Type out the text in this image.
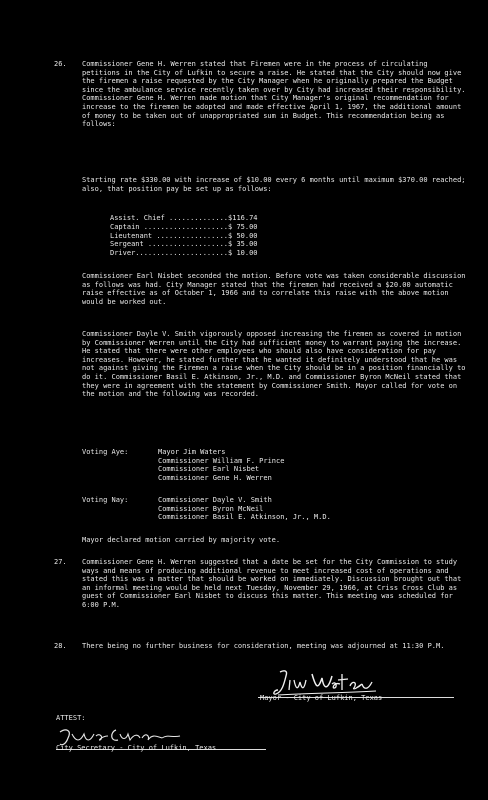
26.	Commissioner Gene H. Werren stated that Firemen were in the process of circulating petitions in the City of Lufkin to secure a raise. He stated that the City should now give the firemen a raise requested by the City Manager when he originally prepared the Budget since the ambulance service recently taken over by City had increased their responsibility. Commissioner Gene H. Werren made motion that City Manager's original recommendation for increase to the firemen be adopted and made effective April 1, 1967, the additional amount of money to be taken out of unappropriated sum in Budget. This recommendation being as follows:
Starting rate $330.00 with increase of $10.00 every 6 months until maximum $370.00 reached; also, that position pay be set up as follows:
Assist. Chief ..............$116.74
Captain ....................$ 75.00
Lieutenant .................$ 50.00
Sergeant ...................$ 35.00
Driver......................$ 10.00
Commissioner Earl Nisbet seconded the motion. Before vote was taken considerable discussion as follows was had. City Manager stated that the firemen had received a $20.00 automatic raise effective as of October 1, 1966 and to correlate this raise with the above motion would be worked out.
Commissioner Dayle V. Smith vigorously opposed increasing the firemen as covered in motion by Commissioner Werren until the City had sufficient money to warrant paying the increase. He stated that there were other employees who should also have consideration for pay increases. However, he stated further that he wanted it definitely understood that he was not against giving the Firemen a raise when the City should be in a position financially to do it. Commissioner Basil E. Atkinson, Jr., M.D. and Commissioner Byron McNeil stated that they were in agreement with the statement by Commissioner Smith. Mayor called for vote on the motion and the following was recorded.
Voting Aye:	Mayor Jim Waters
Commissioner William F. Prince
Commissioner Earl Nisbet
Commissioner Gene H. Werren
Voting Nay:	Commissioner Dayle V. Smith
Commissioner Byron McNeil
Commissioner Basil E. Atkinson, Jr., M.D.
Mayor declared motion carried by majority vote.
27.	Commissioner Gene H. Werren suggested that a date be set for the City Commission to study ways and means of producing additional revenue to meet increased cost of operations and stated this was a matter that should be worked on immediately. Discussion brought out that an informal meeting would be held next Tuesday, November 29, 1966, at Criss Cross Club as guest of Commissioner Earl Nisbet to discuss this matter. This meeting was scheduled for 6:00 P.M.
28.	There being no further business for consideration, meeting was adjourned at 11:30 P.M.
Mayor - City of Lufkin, Texas
ATTEST:
City Secretary - City of Lufkin, Texas
